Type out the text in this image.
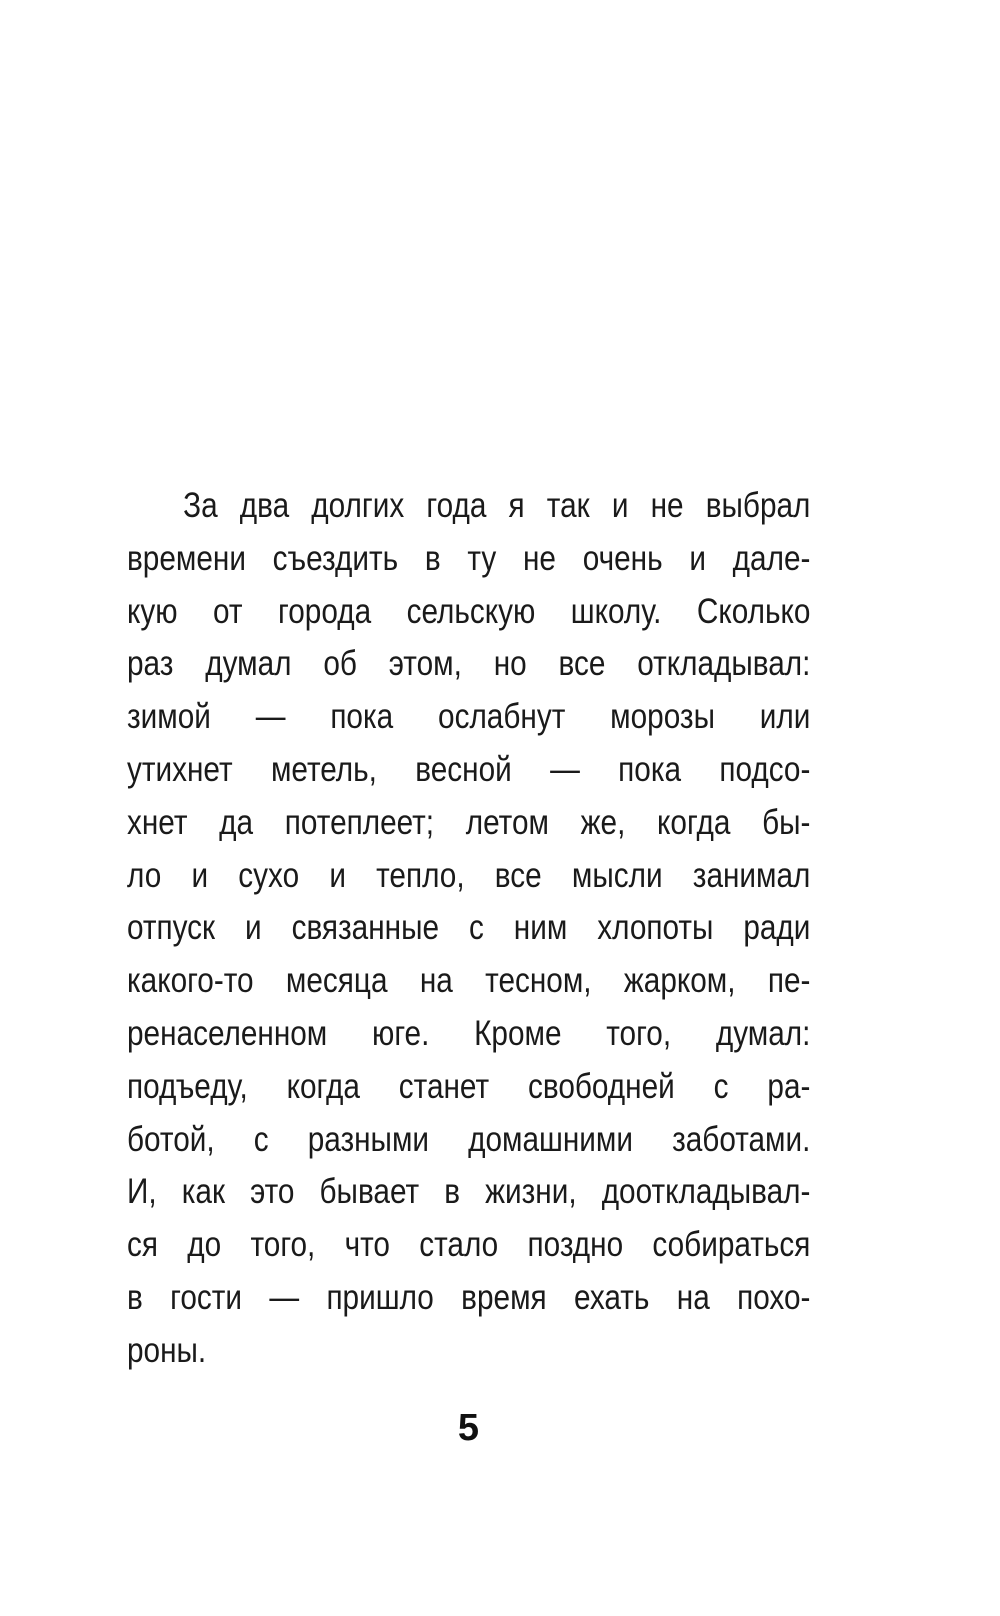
За два долгих года я так и не выбрал
времени съездить в ту не очень и дале-
кую от города сельскую школу. Сколько
раз думал об этом, но все откладывал:
зимой — пока ослабнут морозы или
утихнет метель, весной — пока подсо-
хнет да потеплеет; летом же, когда бы-
ло и сухо и тепло, все мысли занимал
отпуск и связанные с ним хлопоты ради
какого-то месяца на тесном, жарком, пе-
ренаселенном юге. Кроме того, думал:
подъеду, когда станет свободней с ра-
ботой, с разными домашними заботами.
И, как это бывает в жизни, дооткладывал-
ся до того, что стало поздно собираться
в гости — пришло время ехать на похо-
роны.
5
